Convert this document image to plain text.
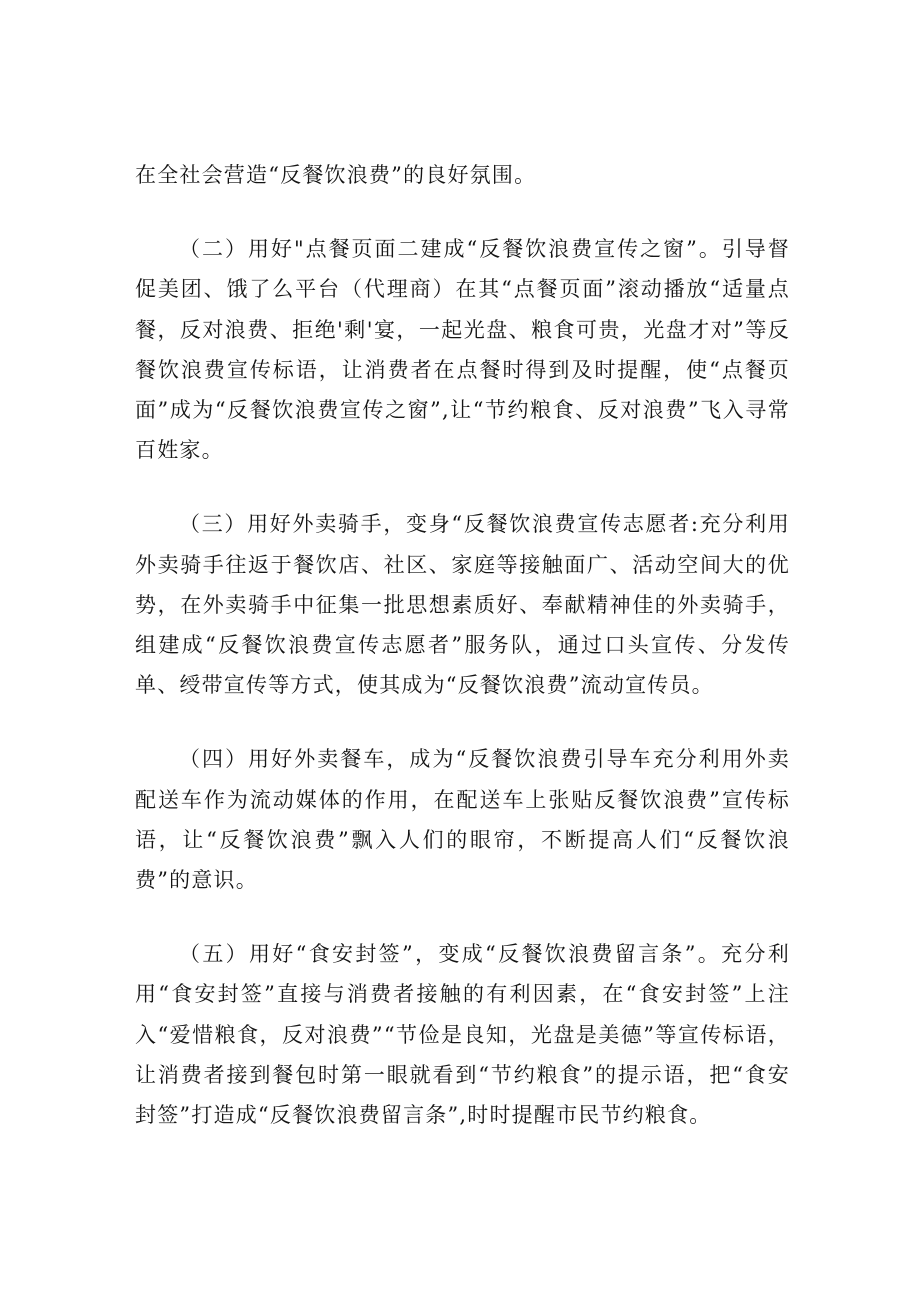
在全社会营造“反餐饮浪费”的良好氛围。

（二）用好"点餐页面二建成“反餐饮浪费宣传之窗”。引导督促美团、饿了么平台（代理商）在其“点餐页面”滚动播放“适量点餐，反对浪费、拒绝'剩'宴，一起光盘、粮食可贵，光盘才对”等反餐饮浪费宣传标语，让消费者在点餐时得到及时提醒，使“点餐页面”成为“反餐饮浪费宣传之窗”,让“节约粮食、反对浪费”飞入寻常百姓家。

（三）用好外卖骑手，变身“反餐饮浪费宣传志愿者:充分利用外卖骑手往返于餐饮店、社区、家庭等接触面广、活动空间大的优势，在外卖骑手中征集一批思想素质好、奉献精神佳的外卖骑手，组建成“反餐饮浪费宣传志愿者”服务队，通过口头宣传、分发传单、绶带宣传等方式，使其成为“反餐饮浪费”流动宣传员。

（四）用好外卖餐车，成为“反餐饮浪费引导车充分利用外卖配送车作为流动媒体的作用，在配送车上张贴反餐饮浪费”宣传标语，让“反餐饮浪费”飘入人们的眼帘，不断提高人们“反餐饮浪费”的意识。

（五）用好“食安封签”，变成“反餐饮浪费留言条”。充分利用“食安封签”直接与消费者接触的有利因素，在“食安封签”上注入“爱惜粮食，反对浪费”“节俭是良知，光盘是美德”等宣传标语，让消费者接到餐包时第一眼就看到“节约粮食”的提示语，把“食安封签”打造成“反餐饮浪费留言条”,时时提醒市民节约粮食。
